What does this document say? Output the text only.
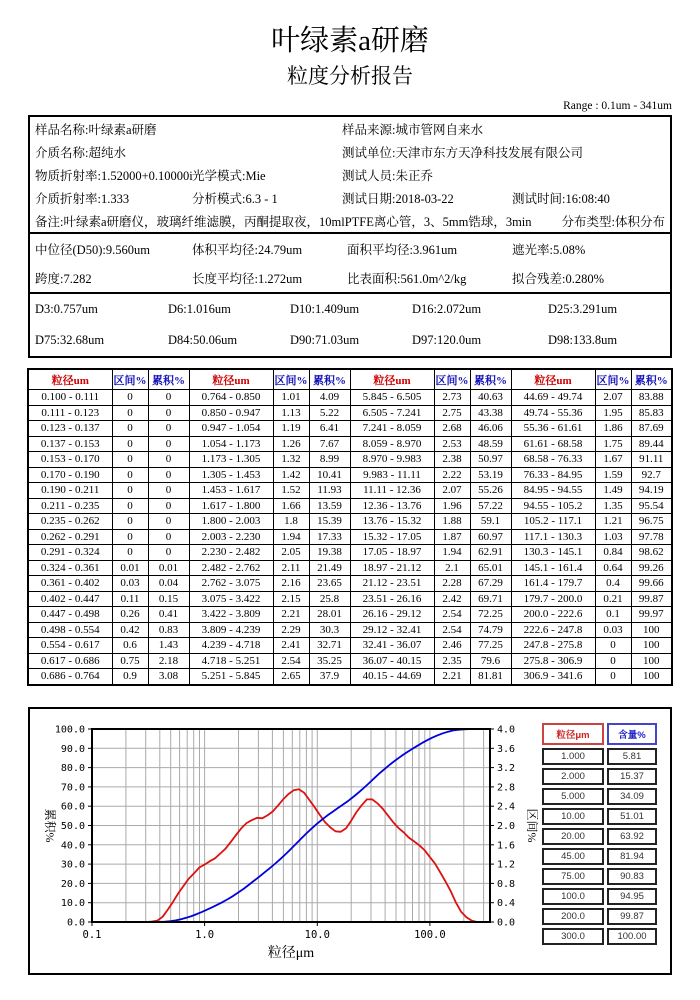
叶绿素a研磨
粒度分析报告
Range : 0.1um - 341um
样品名称:叶绿素a研磨	样品来源:城市管网自来水
介质名称:超纯水	测试单位:天津市东方天净科技发展有限公司
物质折射率:1.52000+0.10000i 光学模式:Mie	测试人员:朱正乔
介质折射率:1.333	分析模式:6.3 - 1	测试日期:2018-03-22	测试时间:16:08:40
备注:叶绿素a研磨仪，玻璃纤维滤膜，丙酮提取夜，10mlPTFE离心管，3、5mm锆球，3min 分布类型:体积分布
中位径(D50):9.560um	体积平均径:24.79um	面积平均径:3.961um	遮光率:5.08%
跨度:7.282	长度平均径:1.272um	比表面积:561.0m^2/kg	拟合残差:0.280%
D3:0.757um	D6:1.016um	D10:1.409um	D16:2.072um	D25:3.291um
D75:32.68um	D84:50.06um	D90:71.03um	D97:120.0um	D98:133.8um
粒径um	区间%	累积%	粒径um	区间%	累积%	粒径um	区间%	累积%	粒径um	区间%	累积%
0.100 - 0.111	0	0	0.764 - 0.850	1.01	4.09	5.845 - 6.505	2.73	40.63	44.69 - 49.74	2.07	83.88
0.111 - 0.123	0	0	0.850 - 0.947	1.13	5.22	6.505 - 7.241	2.75	43.38	49.74 - 55.36	1.95	85.83
0.123 - 0.137	0	0	0.947 - 1.054	1.19	6.41	7.241 - 8.059	2.68	46.06	55.36 - 61.61	1.86	87.69
0.137 - 0.153	0	0	1.054 - 1.173	1.26	7.67	8.059 - 8.970	2.53	48.59	61.61 - 68.58	1.75	89.44
0.153 - 0.170	0	0	1.173 - 1.305	1.32	8.99	8.970 - 9.983	2.38	50.97	68.58 - 76.33	1.67	91.11
0.170 - 0.190	0	0	1.305 - 1.453	1.42	10.41	9.983 - 11.11	2.22	53.19	76.33 - 84.95	1.59	92.7
0.190 - 0.211	0	0	1.453 - 1.617	1.52	11.93	11.11 - 12.36	2.07	55.26	84.95 - 94.55	1.49	94.19
0.211 - 0.235	0	0	1.617 - 1.800	1.66	13.59	12.36 - 13.76	1.96	57.22	94.55 - 105.2	1.35	95.54
0.235 - 0.262	0	0	1.800 - 2.003	1.8	15.39	13.76 - 15.32	1.88	59.1	105.2 - 117.1	1.21	96.75
0.262 - 0.291	0	0	2.003 - 2.230	1.94	17.33	15.32 - 17.05	1.87	60.97	117.1 - 130.3	1.03	97.78
0.291 - 0.324	0	0	2.230 - 2.482	2.05	19.38	17.05 - 18.97	1.94	62.91	130.3 - 145.1	0.84	98.62
0.324 - 0.361	0.01	0.01	2.482 - 2.762	2.11	21.49	18.97 - 21.12	2.1	65.01	145.1 - 161.4	0.64	99.26
0.361 - 0.402	0.03	0.04	2.762 - 3.075	2.16	23.65	21.12 - 23.51	2.28	67.29	161.4 - 179.7	0.4	99.66
0.402 - 0.447	0.11	0.15	3.075 - 3.422	2.15	25.8	23.51 - 26.16	2.42	69.71	179.7 - 200.0	0.21	99.87
0.447 - 0.498	0.26	0.41	3.422 - 3.809	2.21	28.01	26.16 - 29.12	2.54	72.25	200.0 - 222.6	0.1	99.97
0.498 - 0.554	0.42	0.83	3.809 - 4.239	2.29	30.3	29.12 - 32.41	2.54	74.79	222.6 - 247.8	0.03	100
0.554 - 0.617	0.6	1.43	4.239 - 4.718	2.41	32.71	32.41 - 36.07	2.46	77.25	247.8 - 275.8	0	100
0.617 - 0.686	0.75	2.18	4.718 - 5.251	2.54	35.25	36.07 - 40.15	2.35	79.6	275.8 - 306.9	0	100
0.686 - 0.764	0.9	3.08	5.251 - 5.845	2.65	37.9	40.15 - 44.69	2.21	81.81	306.9 - 341.6	0	100
0.0
10.0
20.0
30.0
40.0
50.0
60.0
70.0
80.0
90.0
100.0
0.0
0.4
0.8
1.2
1.6
2.0
2.4
2.8
3.2
3.6
4.0
0.1	1.0	10.0	100.0
粒径μm
累积%	区间%
粒径μm	含量%
1.000	5.81
2.000	15.37
5.000	34.09
10.00	51.01
20.00	63.92
45.00	81.94
75.00	90.83
100.0	94.95
200.0	99.87
300.0	100.00
